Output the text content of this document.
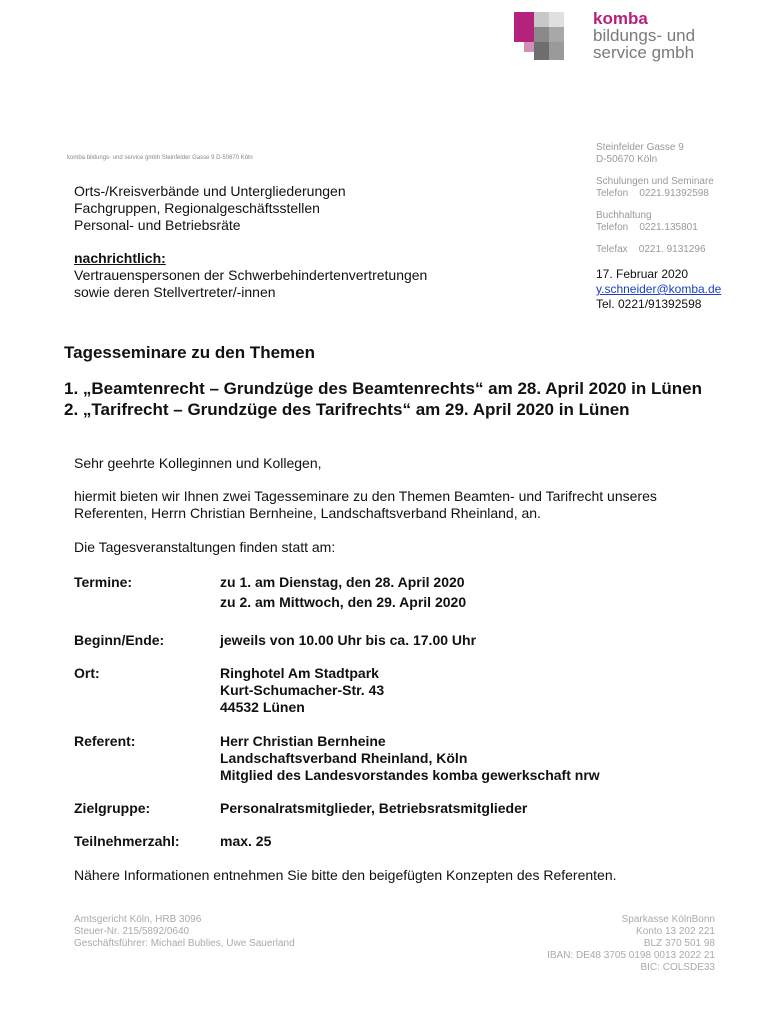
komba
bildungs- und
service gmbh
komba bildungs- und service gmbh Steinfelder Gasse 9 D-50670 Köln
Orts-/Kreisverbände und Untergliederungen
Fachgruppen, Regionalgeschäftsstellen
Personal- und Betriebsräte
nachrichtlich:
Vertrauenspersonen der Schwerbehindertenvertretungen
sowie deren Stellvertreter/-innen
Steinfelder Gasse 9
D-50670 Köln
Schulungen und Seminare
Telefon    0221.91392598
Buchhaltung
Telefon    0221.135801
Telefax    0221. 9131296
17. Februar 2020
y.schneider@komba.de
Tel. 0221/91392598
Tagesseminare zu den Themen
1. „Beamtenrecht – Grundzüge des Beamtenrechts“ am 28. April 2020 in Lünen
2. „Tarifrecht – Grundzüge des Tarifrechts“ am 29. April 2020 in Lünen
Sehr geehrte Kolleginnen und Kollegen,
hiermit bieten wir Ihnen zwei Tagesseminare zu den Themen Beamten- und Tarifrecht unseres
Referenten, Herrn Christian Bernheine, Landschaftsverband Rheinland, an.
Die Tagesveranstaltungen finden statt am:
Termine:	zu 1. am Dienstag, den 28. April 2020
zu 2. am Mittwoch, den 29. April 2020
Beginn/Ende:	jeweils von 10.00 Uhr bis ca. 17.00 Uhr
Ort:	Ringhotel Am Stadtpark
Kurt-Schumacher-Str. 43
44532 Lünen
Referent:	Herr Christian Bernheine
Landschaftsverband Rheinland, Köln
Mitglied des Landesvorstandes komba gewerkschaft nrw
Zielgruppe:	Personalratsmitglieder, Betriebsratsmitglieder
Teilnehmerzahl:	max. 25
Nähere Informationen entnehmen Sie bitte den beigefügten Konzepten des Referenten.
Amtsgericht Köln, HRB 3096
Steuer-Nr. 215/5892/0640
Geschäftsführer: Michael Bublies, Uwe Sauerland
Sparkasse KölnBonn
Konto 13 202 221
BLZ 370 501 98
IBAN: DE48 3705 0198 0013 2022 21
BIC: COLSDE33
